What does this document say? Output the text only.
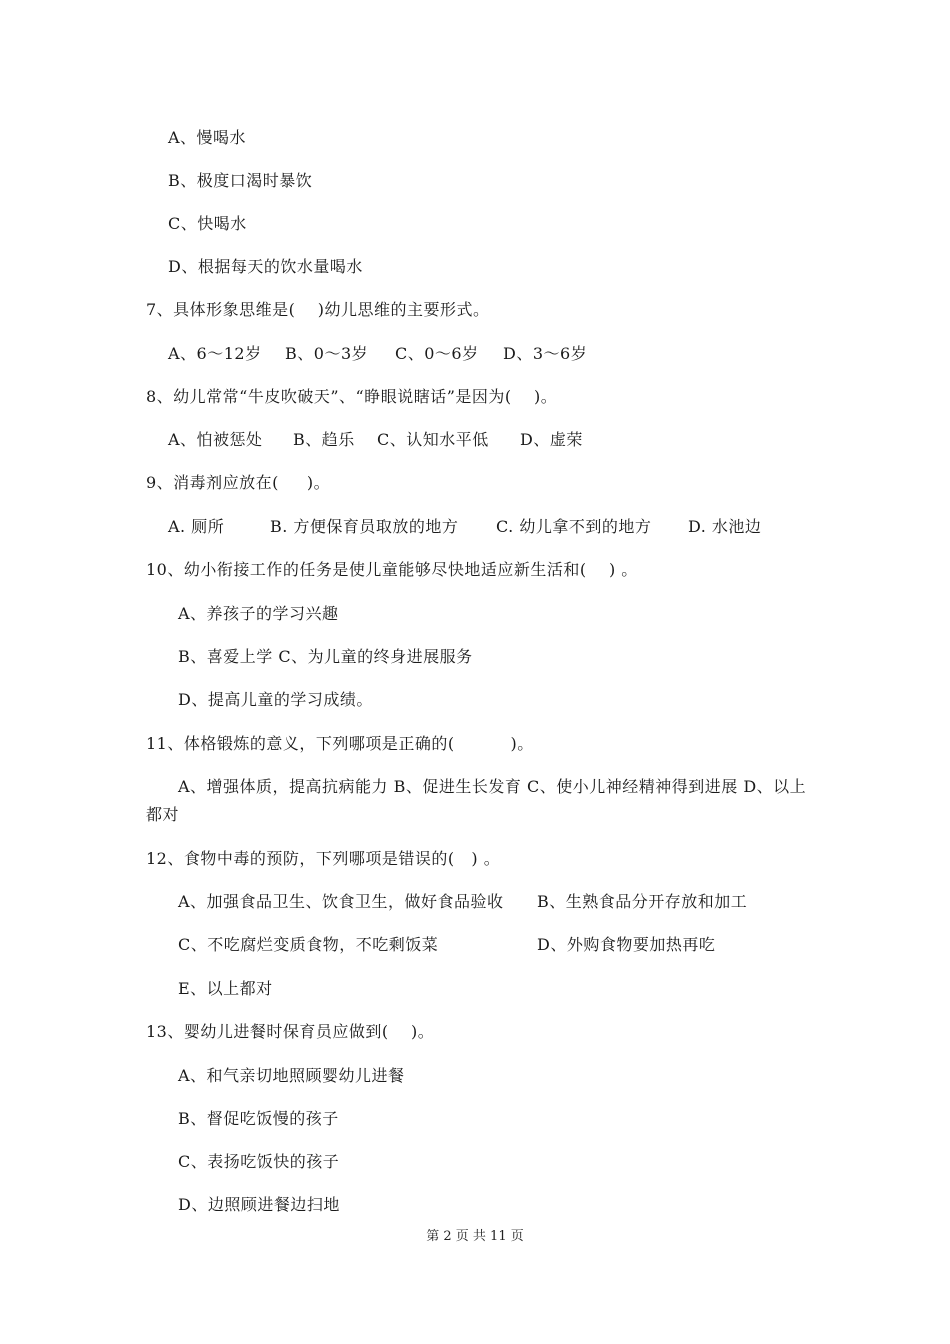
A、慢喝水
B、极度口渴时暴饮
C、快喝水
D、根据每天的饮水量喝水
7、具体形象思维是(    )幼儿思维的主要形式。
A、6～12岁 B、0～3岁 C、0～6岁 D、3～6岁
8、幼儿常常“牛皮吹破天”、“睁眼说瞎话”是因为(    )。
A、怕被惩处 B、趋乐 C、认知水平低 D、虚荣
9、消毒剂应放在(     )。
A. 厕所	B. 方便保育员取放的地方 C. 幼儿拿不到的地方 D. 水池边
10、幼小衔接工作的任务是使儿童能够尽快地适应新生活和(    ) 。
A、养孩子的学习兴趣
B、喜爱上学 C、为儿童的终身进展服务
D、提高儿童的学习成绩。
11、体格锻炼的意义，下列哪项是正确的(          )。
A、增强体质，提高抗病能力 B、促进生长发育 C、使小儿神经精神得到进展 D、以上
都对
12、食物中毒的预防，下列哪项是错误的(   ) 。
A、加强食品卫生、饮食卫生，做好食品验收 B、生熟食品分开存放和加工
C、不吃腐烂变质食物，不吃剩饭菜	D、外购食物要加热再吃
E、以上都对
13、婴幼儿进餐时保育员应做到(    )。
A、和气亲切地照顾婴幼儿进餐
B、督促吃饭慢的孩子
C、表扬吃饭快的孩子
D、边照顾进餐边扫地
第 2 页 共 11 页
